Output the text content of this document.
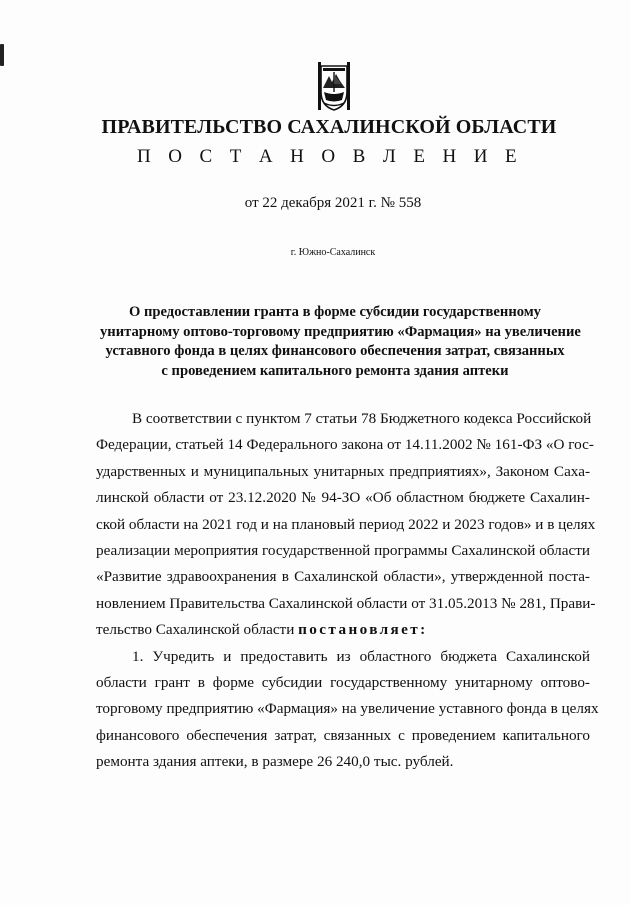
ПРАВИТЕЛЬСТВО САХАЛИНСКОЙ ОБЛАСТИ
П О С Т А Н О В Л Е Н И Е
от 22 декабря 2021 г. № 558
г. Южно-Сахалинск
О предоставлении гранта в форме субсидии государственному
унитарному оптово-торговому предприятию «Фармация» на увеличение
уставного фонда в целях финансового обеспечения затрат, связанных
с проведением капитального ремонта здания аптеки
В соответствии с пунктом 7 статьи 78 Бюджетного кодекса Российской
Федерации, статьей 14 Федерального закона от 14.11.2002 № 161-ФЗ «О гос-
ударственных и муниципальных унитарных предприятиях», Законом Саха-
линской области от 23.12.2020 № 94-ЗО «Об областном бюджете Сахалин-
ской области на 2021 год и на плановый период 2022 и 2023 годов» и в целях
реализации мероприятия государственной программы Сахалинской области
«Развитие здравоохранения в Сахалинской области», утвержденной поста-
новлением Правительства Сахалинской области от 31.05.2013 № 281, Прави-
тельство Сахалинской области постановляет:
1. Учредить и предоставить из областного бюджета Сахалинской
области грант в форме субсидии государственному унитарному оптово-
торговому предприятию «Фармация» на увеличение уставного фонда в целях
финансового обеспечения затрат, связанных с проведением капитального
ремонта здания аптеки, в размере 26 240,0 тыс. рублей.
